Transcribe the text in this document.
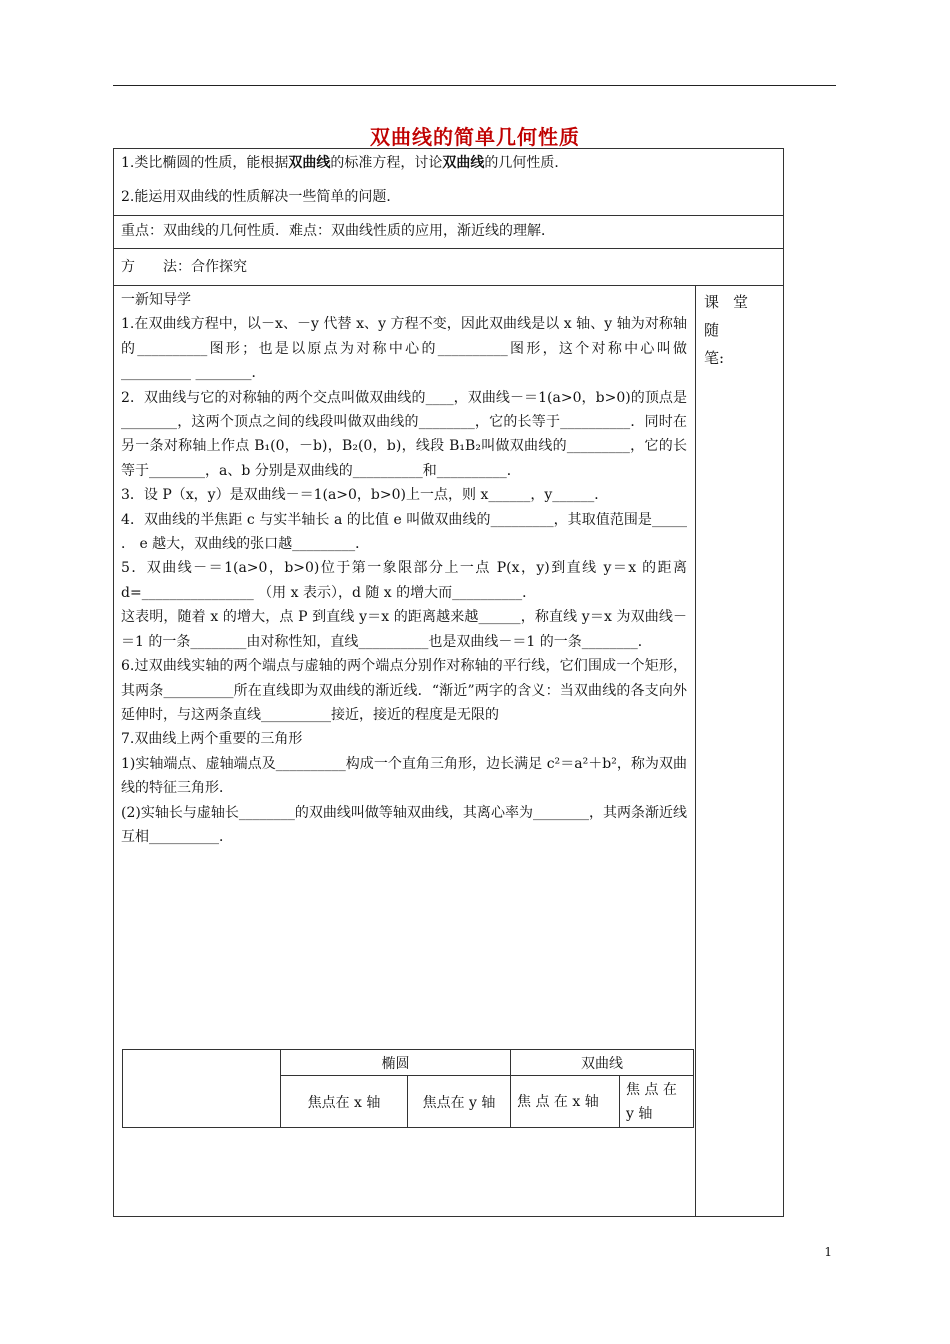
双曲线的简单几何性质
1.类比椭圆的性质，能根据双曲线的标准方程，讨论双曲线的几何性质．
2.能运用双曲线的性质解决一些简单的问题．
重点：双曲线的几何性质．难点：双曲线性质的应用，渐近线的理解．
方　　法：合作探究

一新知导学

1.在双曲线方程中，以－x、－y 代替 x、y 方程不变，因此双曲线是以 x 轴、y 轴为对称轴的__________图形；也是以原点为对称中心的__________图形，这个对称中心叫做__________ ________．

2．双曲线与它的对称轴的两个交点叫做双曲线的____，双曲线－＝1(a>0，b>0)的顶点是________，这两个顶点之间的线段叫做双曲线的________，它的长等于__________．同时在另一条对称轴上作点 B₁(0，－b)，B₂(0，b)，线段 B₁B₂叫做双曲线的_________，它的长等于________，a、b 分别是双曲线的__________和__________．

3．设 P（x，y）是双曲线－＝1(a>0，b>0)上一点，则 x______，y______．

4．双曲线的半焦距 c 与实半轴长 a 的比值 e 叫做双曲线的_________，其取值范围是_____ ． e 越大，双曲线的张口越_________．

5．双曲线－＝1(a>0，b>0)位于第一象限部分上一点 P(x，y)到直线 y＝x 的距离 d=________________ （用 x 表示），d 随 x 的增大而__________．

这表明，随着 x 的增大，点 P 到直线 y＝x 的距离越来越______，称直线 y＝x 为双曲线－＝1 的一条________由对称性知，直线__________也是双曲线－＝1 的一条________．

6.过双曲线实轴的两个端点与虚轴的两个端点分别作对称轴的平行线，它们围成一个矩形，其两条__________所在直线即为双曲线的渐近线．“渐近”两字的含义：当双曲线的各支向外延伸时，与这两条直线__________接近，接近的程度是无限的

7.双曲线上两个重要的三角形

1)实轴端点、虚轴端点及__________构成一个直角三角形，边长满足 c²＝a²＋b²，称为双曲线的特征三角形．

(2)实轴长与虚轴长________的双曲线叫做等轴双曲线，其离心率为________，其两条渐近线互相__________．

课堂随
笔:
	椭圆		双曲线	
	焦点在 x 轴	焦点在 y 轴	焦 点 在 x 轴	焦 点 在 y 轴
1
